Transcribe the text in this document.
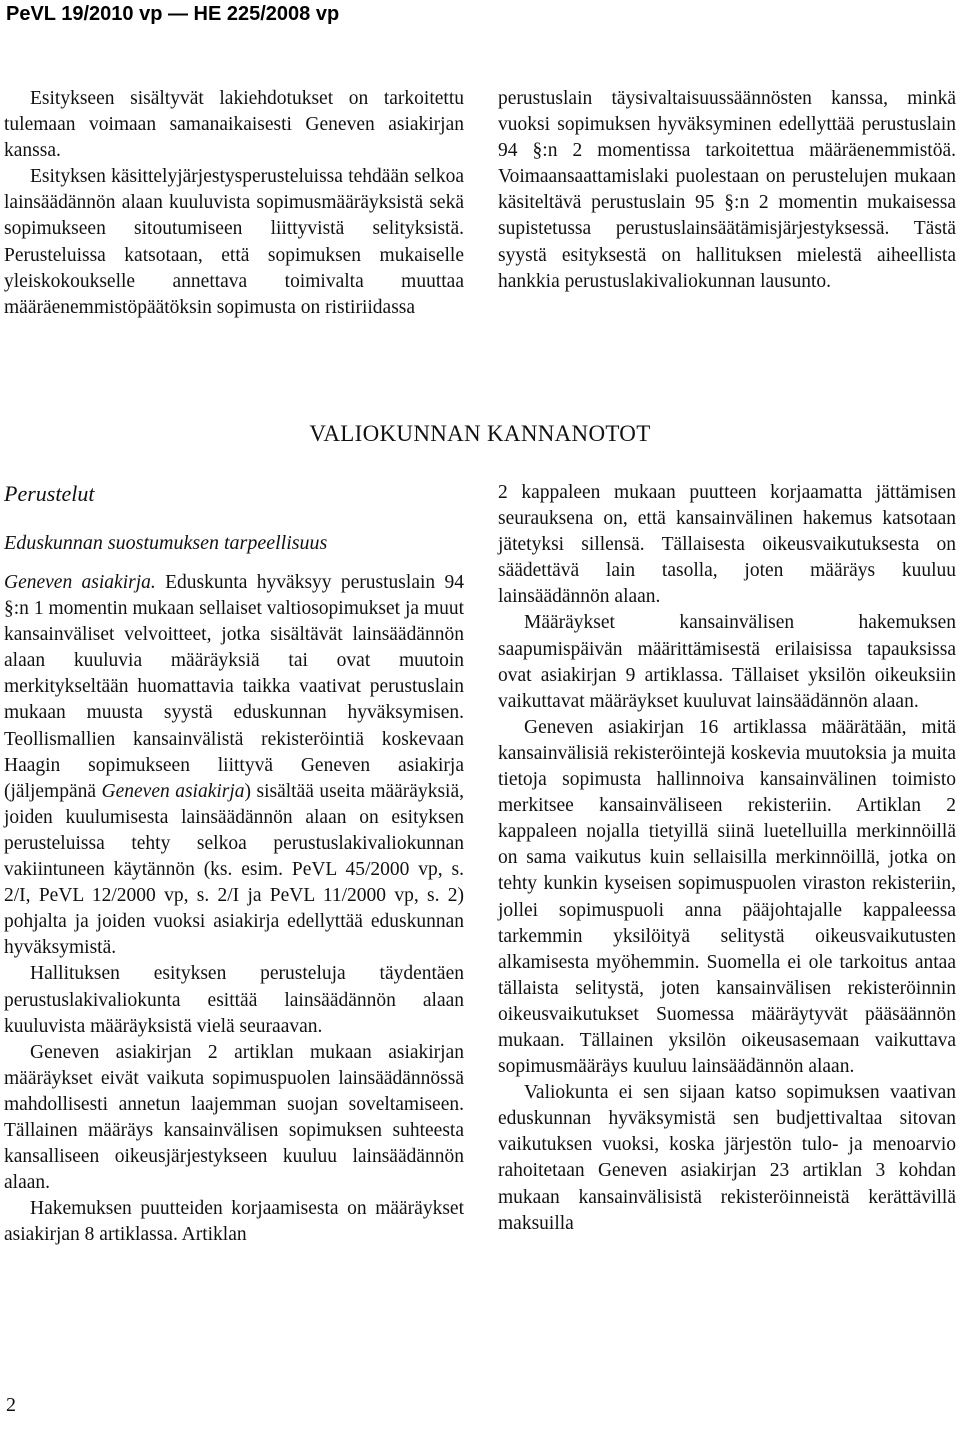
PeVL 19/2010 vp — HE 225/2008 vp

Esitykseen sisältyvät lakiehdotukset on tarkoitettu tulemaan voimaan samanaikaisesti Geneven asiakirjan kanssa.

Esityksen käsittelyjärjestysperusteluissa tehdään selkoa lainsäädännön alaan kuuluvista sopimusmääräyksistä sekä sopimukseen sitoutumiseen liittyvistä selityksistä. Perusteluissa katsotaan, että sopimuksen mukaiselle yleiskokoukselle annettava toimivalta muuttaa määräenemmistöpäätöksin sopimusta on ristiriidassa

perustuslain täysivaltaisuussäännösten kanssa, minkä vuoksi sopimuksen hyväksyminen edellyttää perustuslain 94 §:n 2 momentissa tarkoitettua määräenemmistöä. Voimaansaattamislaki puolestaan on perustelujen mukaan käsiteltävä perustuslain 95 §:n 2 momentin mukaisessa supistetussa perustuslainsäätämisjärjestyksessä. Tästä syystä esityksestä on hallituksen mielestä aiheellista hankkia perustuslakivaliokunnan lausunto.

VALIOKUNNAN KANNANOTOT
Perustelut
Eduskunnan suostumuksen tarpeellisuus

Geneven asiakirja. Eduskunta hyväksyy perustuslain 94 §:n 1 momentin mukaan sellaiset valtiosopimukset ja muut kansainväliset velvoitteet, jotka sisältävät lainsäädännön alaan kuuluvia määräyksiä tai ovat muutoin merkitykseltään huomattavia taikka vaativat perustuslain mukaan muusta syystä eduskunnan hyväksymisen. Teollismallien kansainvälistä rekisteröintiä koskevaan Haagin sopimukseen liittyvä Geneven asiakirja (jäljempänä Geneven asiakirja) sisältää useita määräyksiä, joiden kuulumisesta lainsäädännön alaan on esityksen perusteluissa tehty selkoa perustuslakivaliokunnan vakiintuneen käytännön (ks. esim. PeVL 45/2000 vp, s. 2/I, PeVL 12/2000 vp, s. 2/I ja PeVL 11/2000 vp, s. 2) pohjalta ja joiden vuoksi asiakirja edellyttää eduskunnan hyväksymistä.

Hallituksen esityksen perusteluja täydentäen perustuslakivaliokunta esittää lainsäädännön alaan kuuluvista määräyksistä vielä seuraavan.

Geneven asiakirjan 2 artiklan mukaan asiakirjan määräykset eivät vaikuta sopimuspuolen lainsäädännössä mahdollisesti annetun laajemman suojan soveltamiseen. Tällainen määräys kansainvälisen sopimuksen suhteesta kansalliseen oikeusjärjestykseen kuuluu lainsäädännön alaan.

Hakemuksen puutteiden korjaamisesta on määräykset asiakirjan 8 artiklassa. Artiklan

2 kappaleen mukaan puutteen korjaamatta jättämisen seurauksena on, että kansainvälinen hakemus katsotaan jätetyksi sillensä. Tällaisesta oikeusvaikutuksesta on säädettävä lain tasolla, joten määräys kuuluu lainsäädännön alaan.

Määräykset kansainvälisen hakemuksen saapumispäivän määrittämisestä erilaisissa tapauksissa ovat asiakirjan 9 artiklassa. Tällaiset yksilön oikeuksiin vaikuttavat määräykset kuuluvat lainsäädännön alaan.

Geneven asiakirjan 16 artiklassa määrätään, mitä kansainvälisiä rekisteröintejä koskevia muutoksia ja muita tietoja sopimusta hallinnoiva kansainvälinen toimisto merkitsee kansainväliseen rekisteriin. Artiklan 2 kappaleen nojalla tietyillä siinä luetelluilla merkinnöillä on sama vaikutus kuin sellaisilla merkinnöillä, jotka on tehty kunkin kyseisen sopimuspuolen viraston rekisteriin, jollei sopimuspuoli anna pääjohtajalle kappaleessa tarkemmin yksilöityä selitystä oikeusvaikutusten alkamisesta myöhemmin. Suomella ei ole tarkoitus antaa tällaista selitystä, joten kansainvälisen rekisteröinnin oikeusvaikutukset Suomessa määräytyvät pääsäännön mukaan. Tällainen yksilön oikeusasemaan vaikuttava sopimusmääräys kuuluu lainsäädännön alaan.

Valiokunta ei sen sijaan katso sopimuksen vaativan eduskunnan hyväksymistä sen budjettivaltaa sitovan vaikutuksen vuoksi, koska järjestön tulo- ja menoarvio rahoitetaan Geneven asiakirjan 23 artiklan 3 kohdan mukaan kansainvälisistä rekisteröinneistä kerättävillä maksuilla

2
